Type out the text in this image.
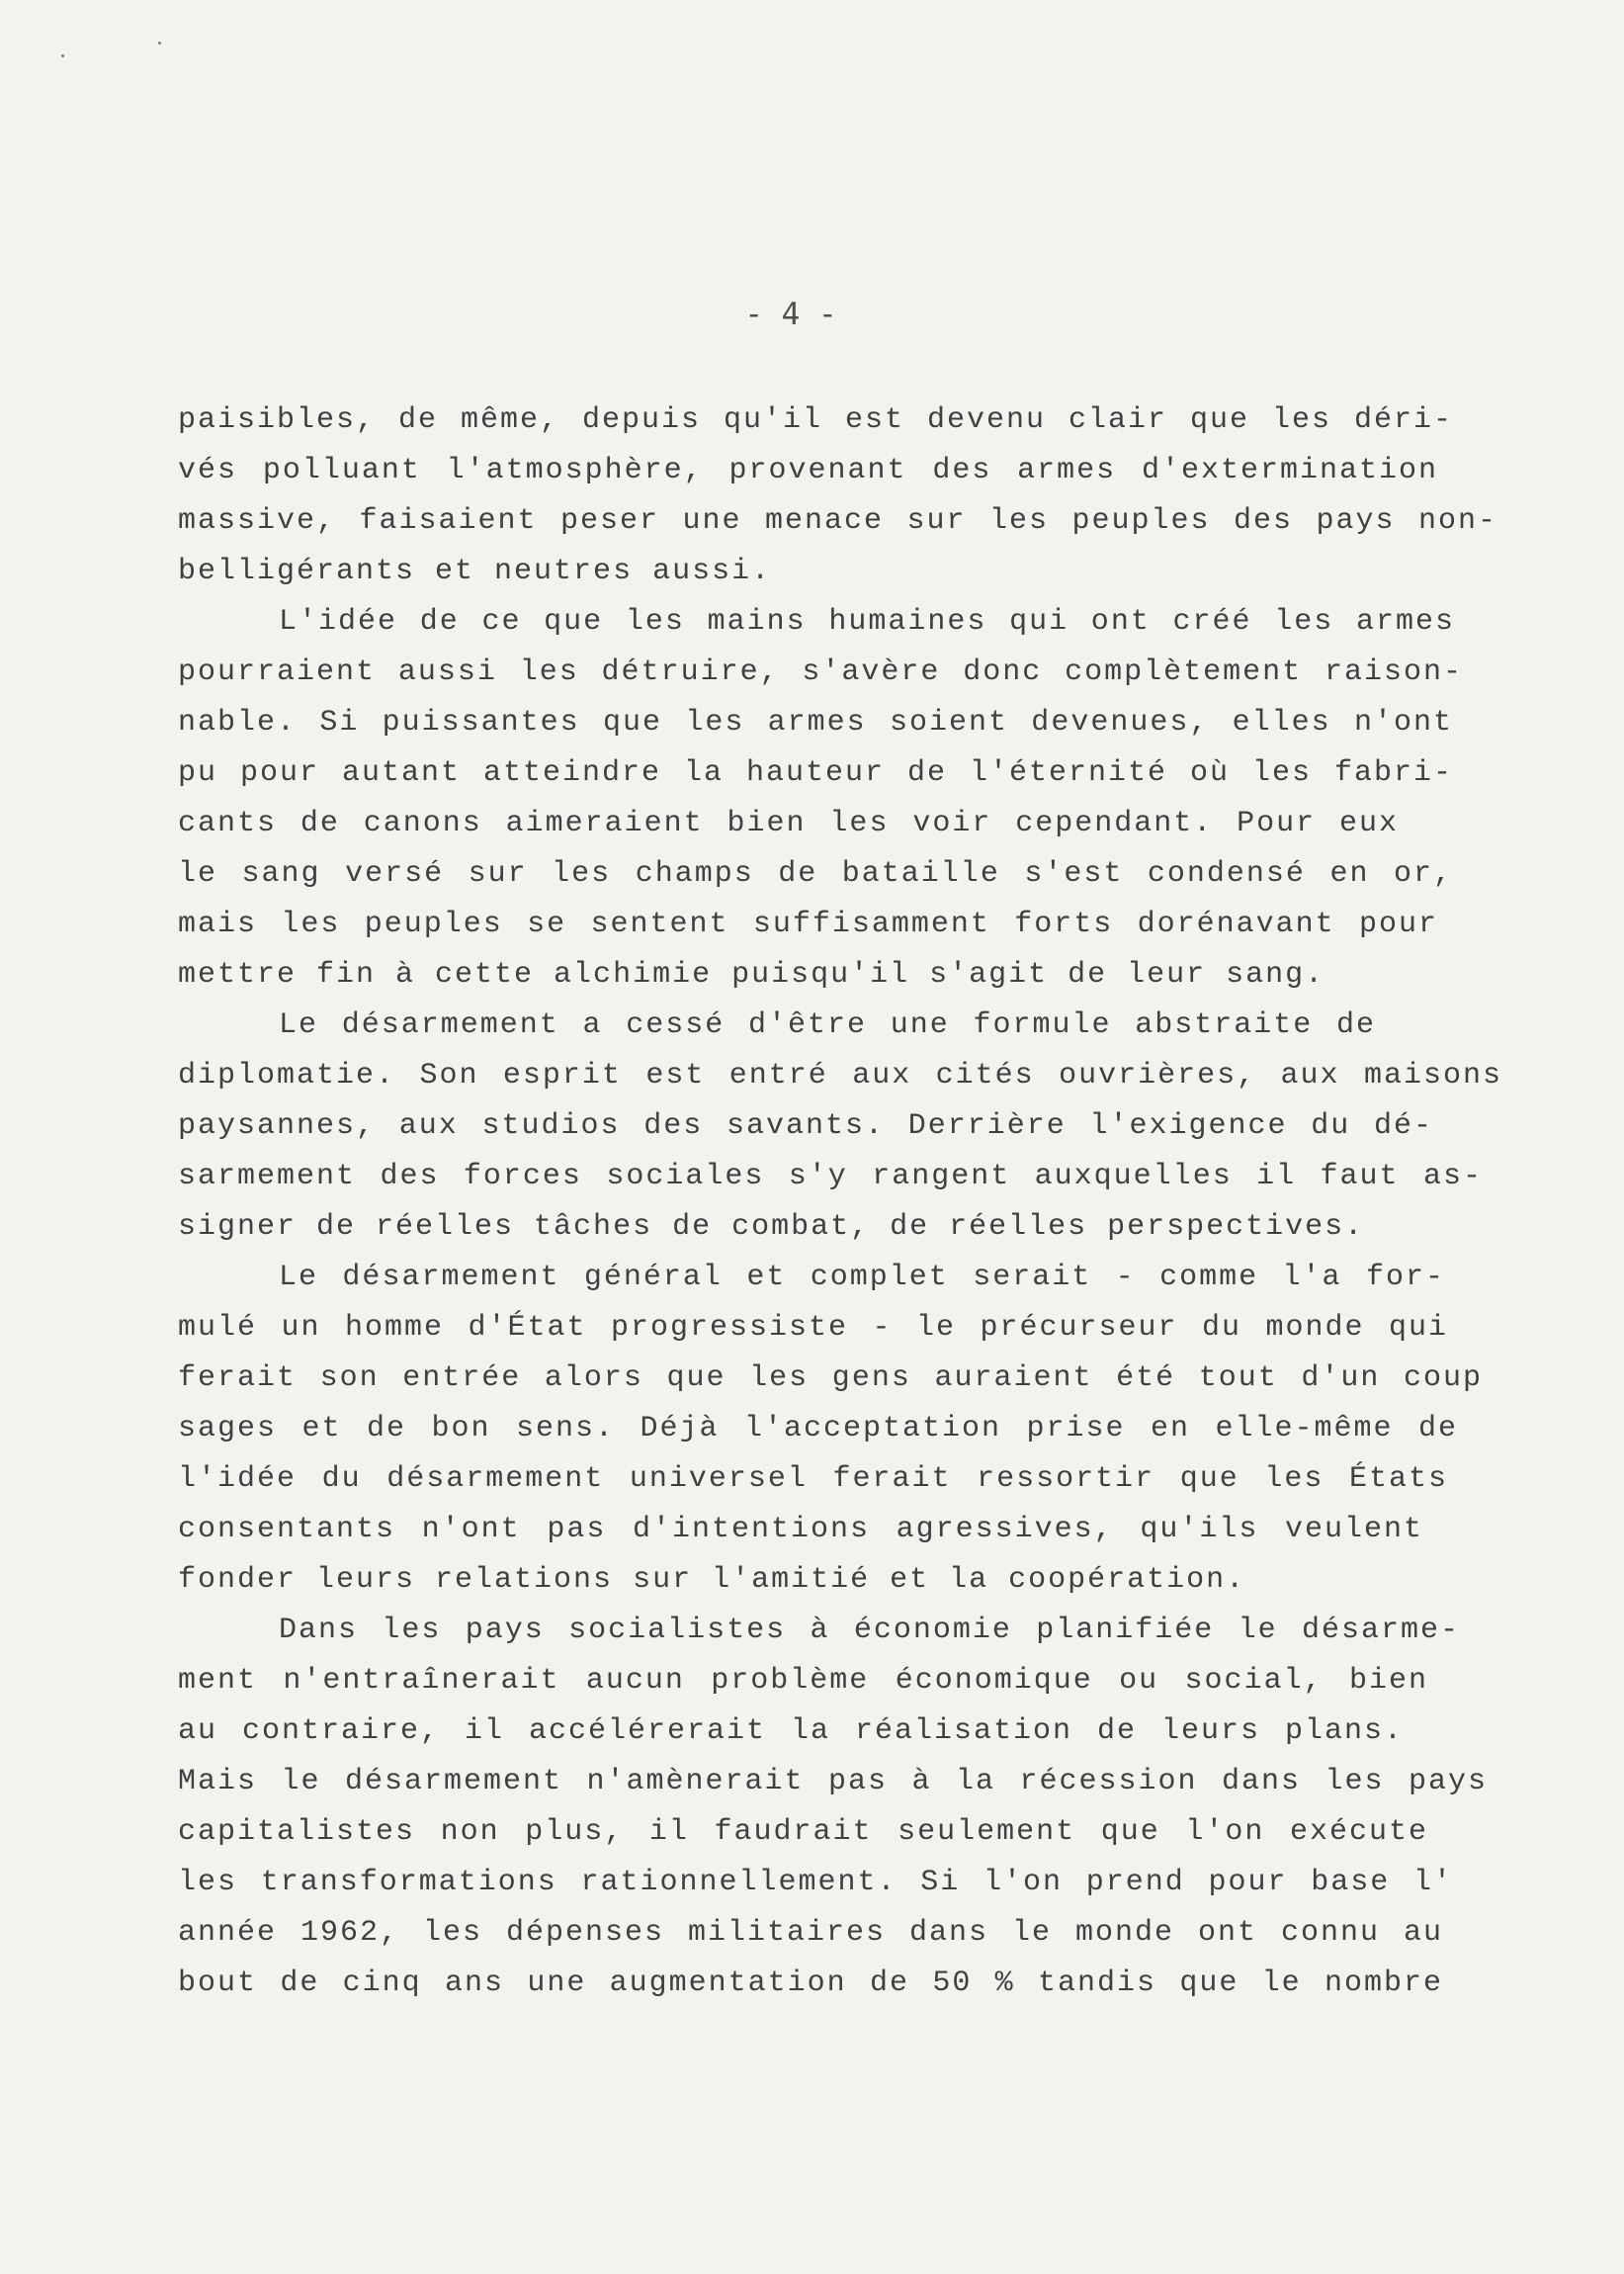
- 4 -
paisibles, de même, depuis qu'il est devenu clair que les déri-
vés polluant l'atmosphère, provenant des armes d'extermination
massive, faisaient peser une menace sur les peuples des pays non-
belligérants et neutres aussi.
L'idée de ce que les mains humaines qui ont créé les armes
pourraient aussi les détruire, s'avère donc complètement raison-
nable. Si puissantes que les armes soient devenues, elles n'ont
pu pour autant atteindre la hauteur de l'éternité où les fabri-
cants de canons aimeraient bien les voir cependant. Pour eux
le sang versé sur les champs de bataille s'est condensé en or,
mais les peuples se sentent suffisamment forts dorénavant pour
mettre fin à cette alchimie puisqu'il s'agit de leur sang.
Le désarmement a cessé d'être une formule abstraite de
diplomatie. Son esprit est entré aux cités ouvrières, aux maisons
paysannes, aux studios des savants. Derrière l'exigence du dé-
sarmement des forces sociales s'y rangent auxquelles il faut as-
signer de réelles tâches de combat, de réelles perspectives.
Le désarmement général et complet serait - comme l'a for-
mulé un homme d'État progressiste - le précurseur du monde qui
ferait son entrée alors que les gens auraient été tout d'un coup
sages et de bon sens. Déjà l'acceptation prise en elle-même de
l'idée du désarmement universel ferait ressortir que les États
consentants n'ont pas d'intentions agressives, qu'ils veulent
fonder leurs relations sur l'amitié et la coopération.
Dans les pays socialistes à économie planifiée le désarme-
ment n'entraînerait aucun problème économique ou social, bien
au contraire, il accélérerait la réalisation de leurs plans.
Mais le désarmement n'amènerait pas à la récession dans les pays
capitalistes non plus, il faudrait seulement que l'on exécute
les transformations rationnellement. Si l'on prend pour base l'
année 1962, les dépenses militaires dans le monde ont connu au
bout de cinq ans une augmentation de 50 % tandis que le nombre
